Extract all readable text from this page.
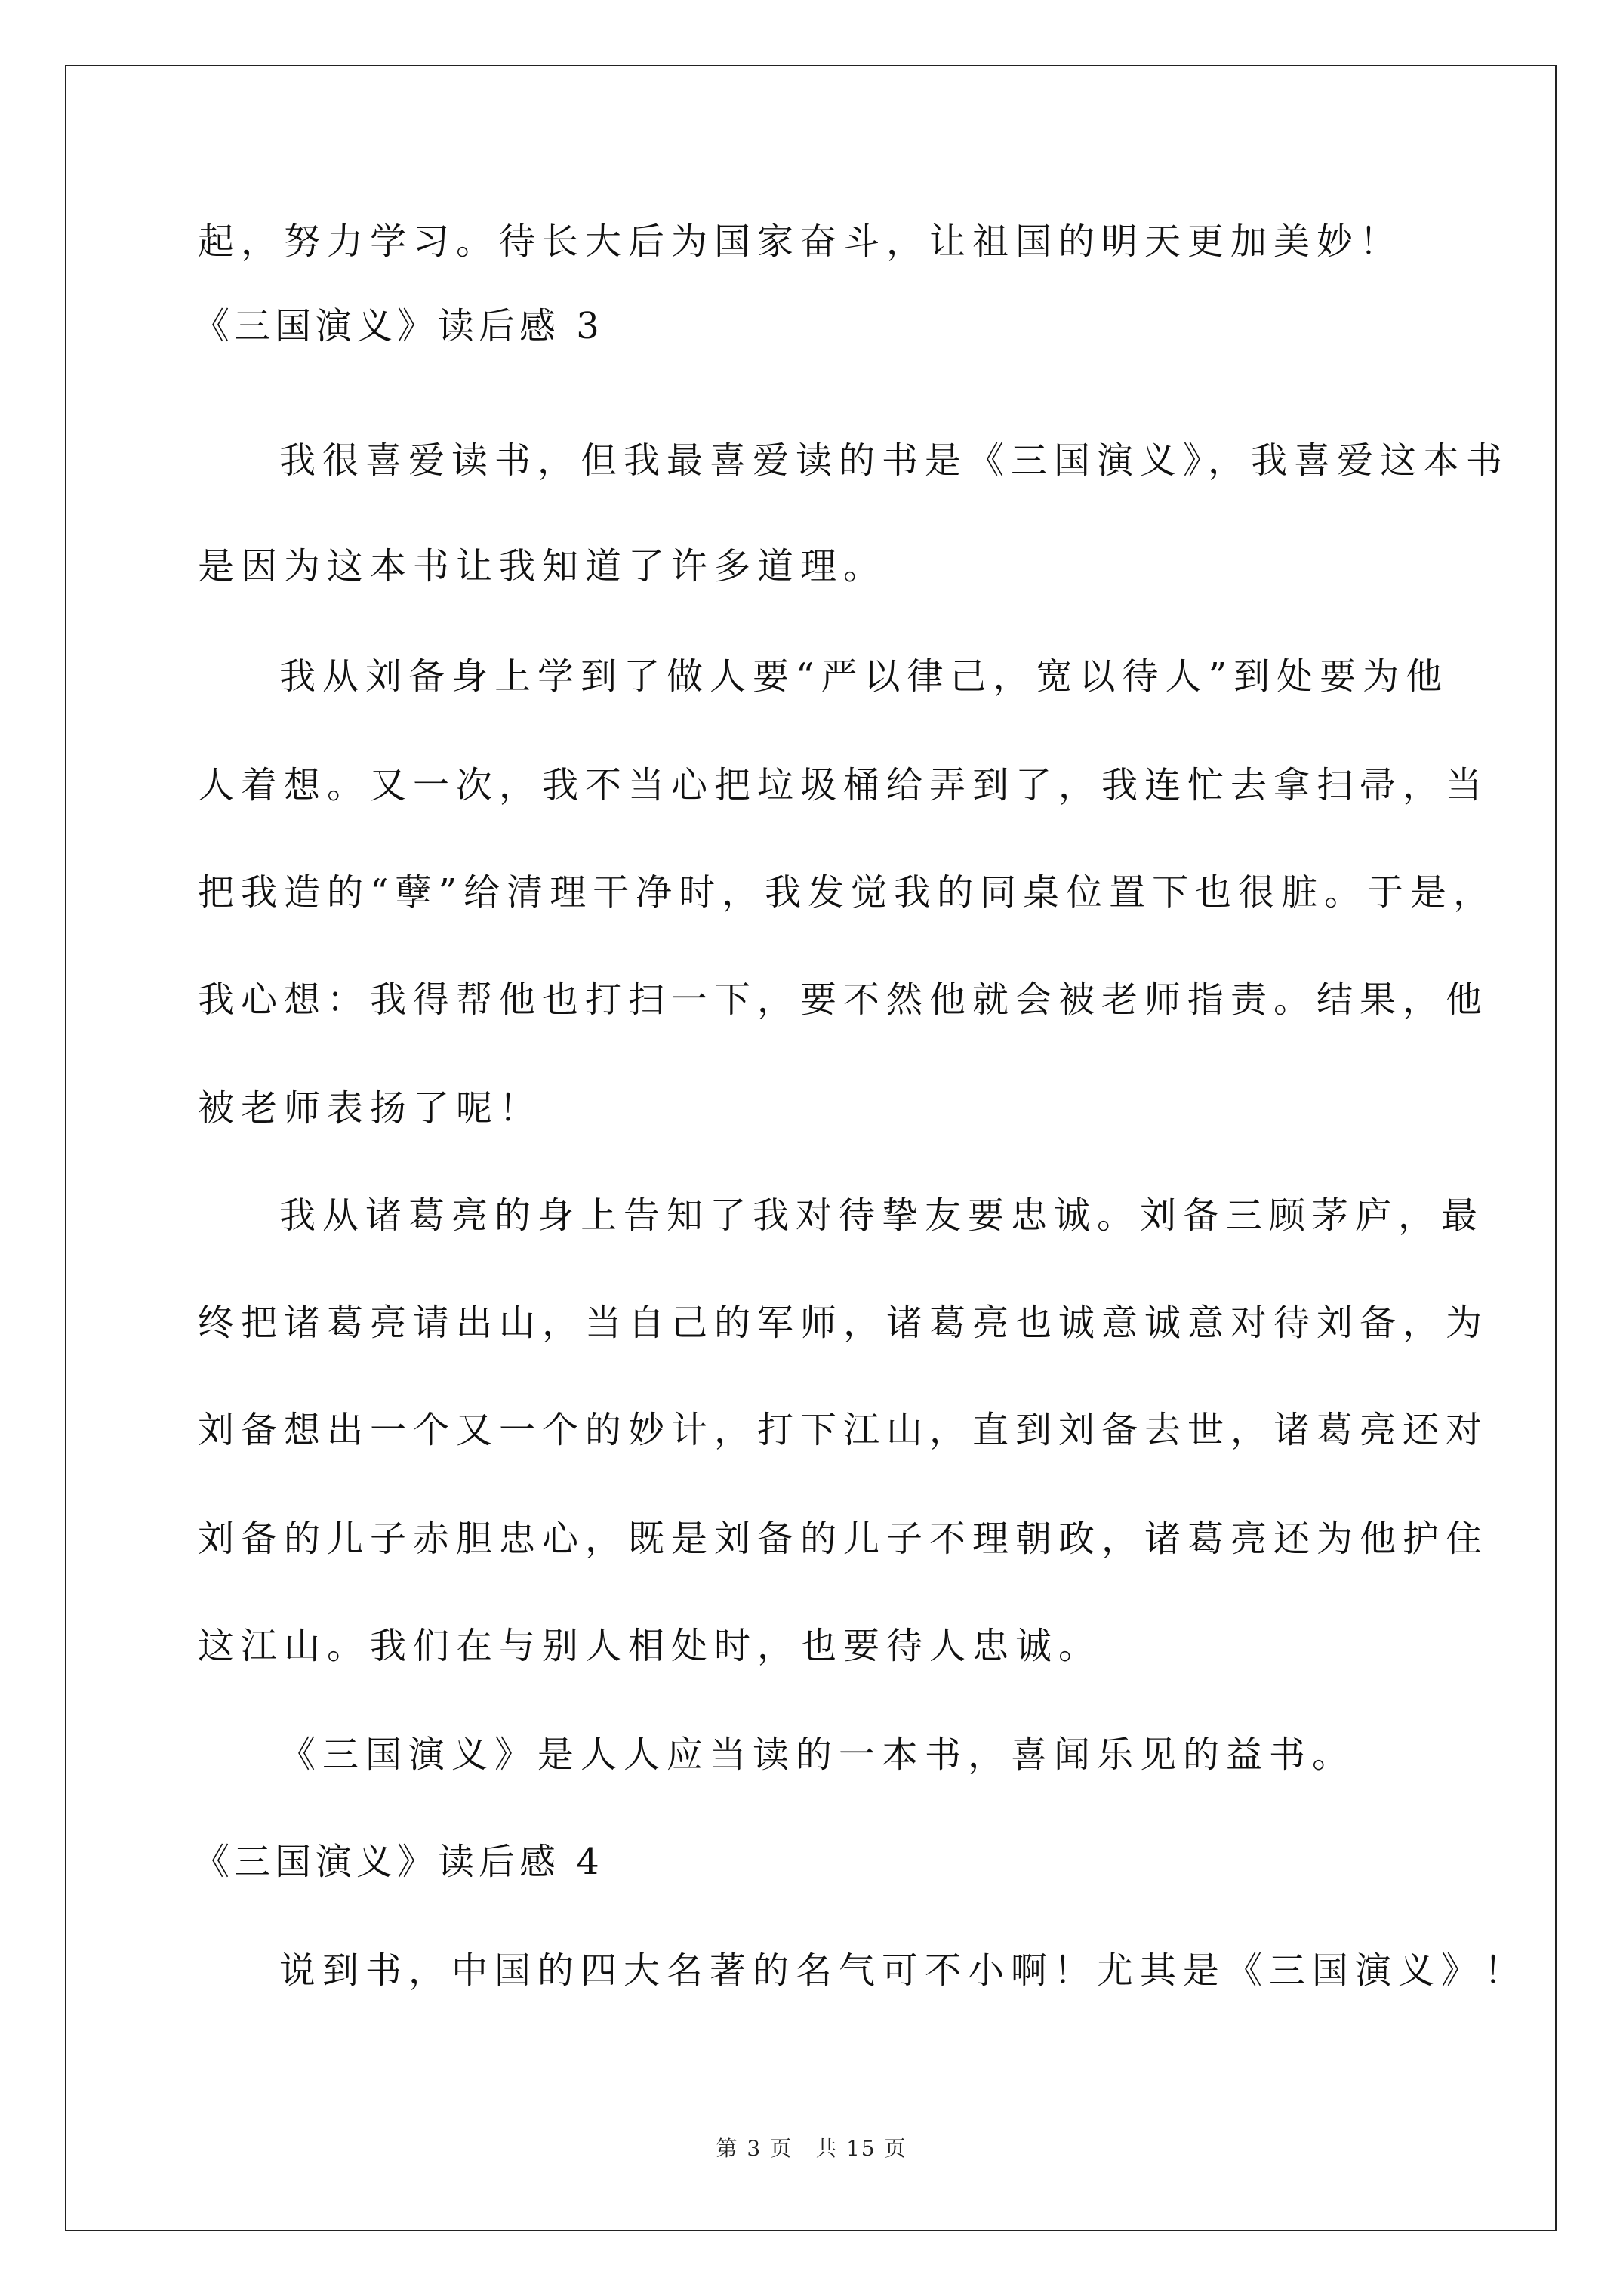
起，努力学习。待长大后为国家奋斗，让祖国的明天更加美妙！
《三国演义》读后感 3
我很喜爱读书，但我最喜爱读的书是《三国演义》，我喜爱这本书
是因为这本书让我知道了许多道理。
我从刘备身上学到了做人要“严以律己，宽以待人”到处要为他
人着想。又一次，我不当心把垃圾桶给弄到了，我连忙去拿扫帚，当
把我造的“孽”给清理干净时，我发觉我的同桌位置下也很脏。于是，
我心想：我得帮他也打扫一下，要不然他就会被老师指责。结果，他
被老师表扬了呢！
我从诸葛亮的身上告知了我对待挚友要忠诚。刘备三顾茅庐，最
终把诸葛亮请出山，当自己的军师，诸葛亮也诚意诚意对待刘备，为
刘备想出一个又一个的妙计，打下江山，直到刘备去世，诸葛亮还对
刘备的儿子赤胆忠心，既是刘备的儿子不理朝政，诸葛亮还为他护住
这江山。我们在与别人相处时，也要待人忠诚。
《三国演义》是人人应当读的一本书，喜闻乐见的益书。
《三国演义》读后感 4
说到书，中国的四大名著的名气可不小啊！尤其是《三国演义》！
第 3 页　共 15 页
